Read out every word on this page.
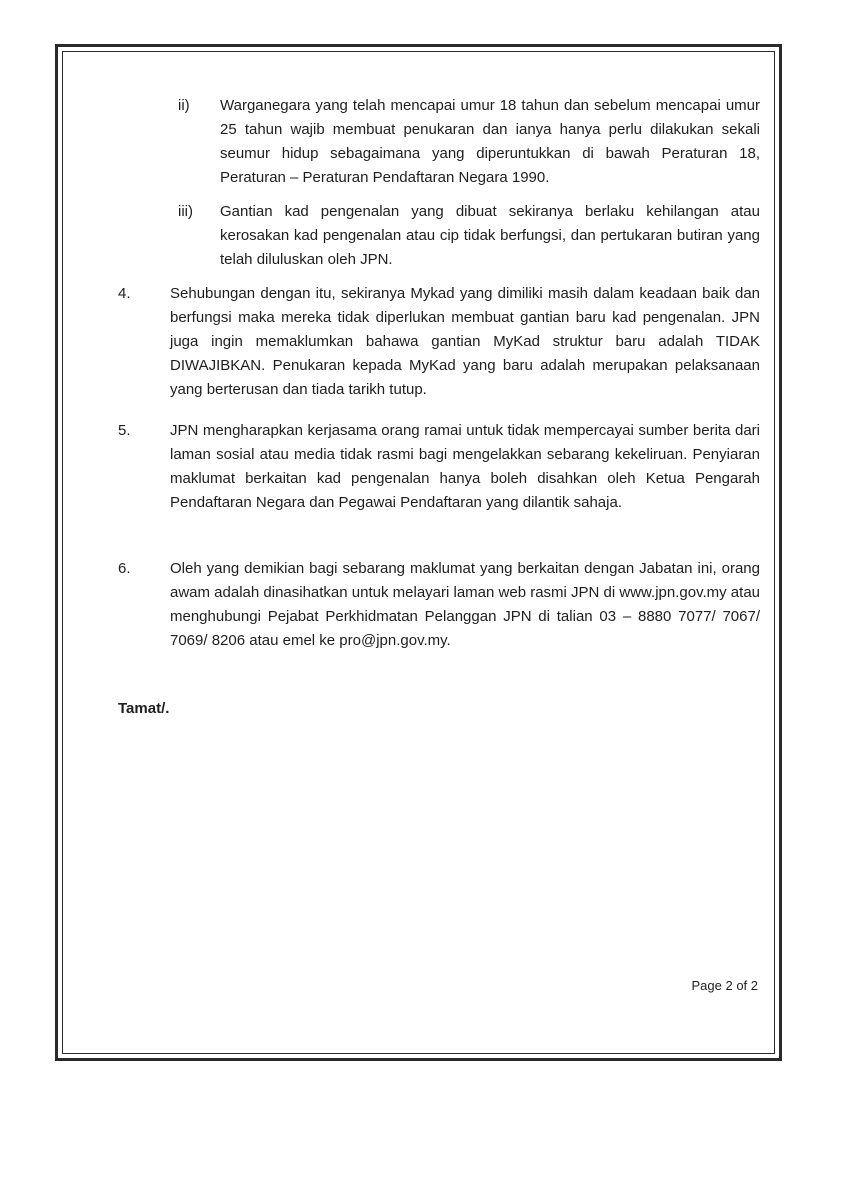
ii) Warganegara yang telah mencapai umur 18 tahun dan sebelum mencapai umur 25 tahun wajib membuat penukaran dan ianya hanya perlu dilakukan sekali seumur hidup sebagaimana yang diperuntukkan di bawah Peraturan 18, Peraturan – Peraturan Pendaftaran Negara 1990.
iii) Gantian kad pengenalan yang dibuat sekiranya berlaku kehilangan atau kerosakan kad pengenalan atau cip tidak berfungsi, dan pertukaran butiran yang telah diluluskan oleh JPN.
4.	Sehubungan dengan itu, sekiranya Mykad yang dimiliki masih dalam keadaan baik dan berfungsi maka mereka tidak diperlukan membuat gantian baru kad pengenalan. JPN juga ingin memaklumkan bahawa gantian MyKad struktur baru adalah TIDAK DIWAJIBKAN. Penukaran kepada MyKad yang baru adalah merupakan pelaksanaan yang berterusan dan tiada tarikh tutup.
5.	JPN mengharapkan kerjasama orang ramai untuk tidak mempercayai sumber berita dari laman sosial atau media tidak rasmi bagi mengelakkan sebarang kekeliruan. Penyiaran maklumat berkaitan kad pengenalan hanya boleh disahkan oleh Ketua Pengarah Pendaftaran Negara dan Pegawai Pendaftaran yang dilantik sahaja.
6.	Oleh yang demikian bagi sebarang maklumat yang berkaitan dengan Jabatan ini, orang awam adalah dinasihatkan untuk melayari laman web rasmi JPN di www.jpn.gov.my atau menghubungi Pejabat Perkhidmatan Pelanggan JPN di talian 03 – 8880 7077/ 7067/ 7069/ 8206 atau emel ke pro@jpn.gov.my.
Tamat/.
Page 2 of 2
